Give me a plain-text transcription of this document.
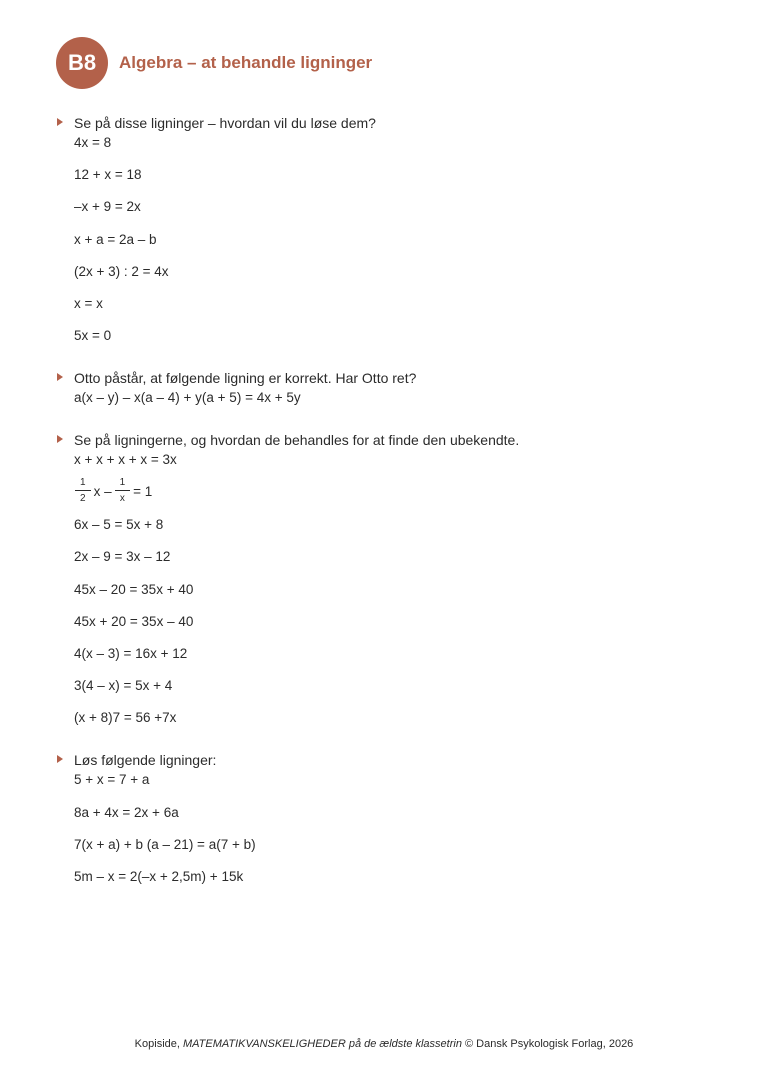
B8	Algebra – at behandle ligninger
Se på disse ligninger – hvordan vil du løse dem?
4x = 8
12 + x = 18
–x + 9 = 2x
x + a = 2a – b
(2x + 3) : 2 = 4x
x = x
5x = 0
Otto påstår, at følgende ligning er korrekt. Har Otto ret?
a(x – y) – x(a – 4) + y(a + 5) = 4x + 5y
Se på ligningerne, og hvordan de behandles for at finde den ubekendte.
x + x + x + x = 3x
$\frac{1}{2}$ $x - \frac{1}{x} = 1$
6x – 5 = 5x + 8
2x – 9 = 3x – 12
45x – 20 = 35x + 40
45x + 20 = 35x – 40
4(x – 3) = 16x + 12
3(4 – x) = 5x + 4
(x + 8)7 = 56 +7x
Løs følgende ligninger:
5 + x = 7 + a
8a + 4x = 2x + 6a
7(x + a) + b (a – 21) = a(7 + b)
5m – x = 2(–x + 2,5m) + 15k
Kopiside, MATEMATIKVANSKELIGHEDER på de ældste klassetrin © Dansk Psykologisk Forlag, 2026
